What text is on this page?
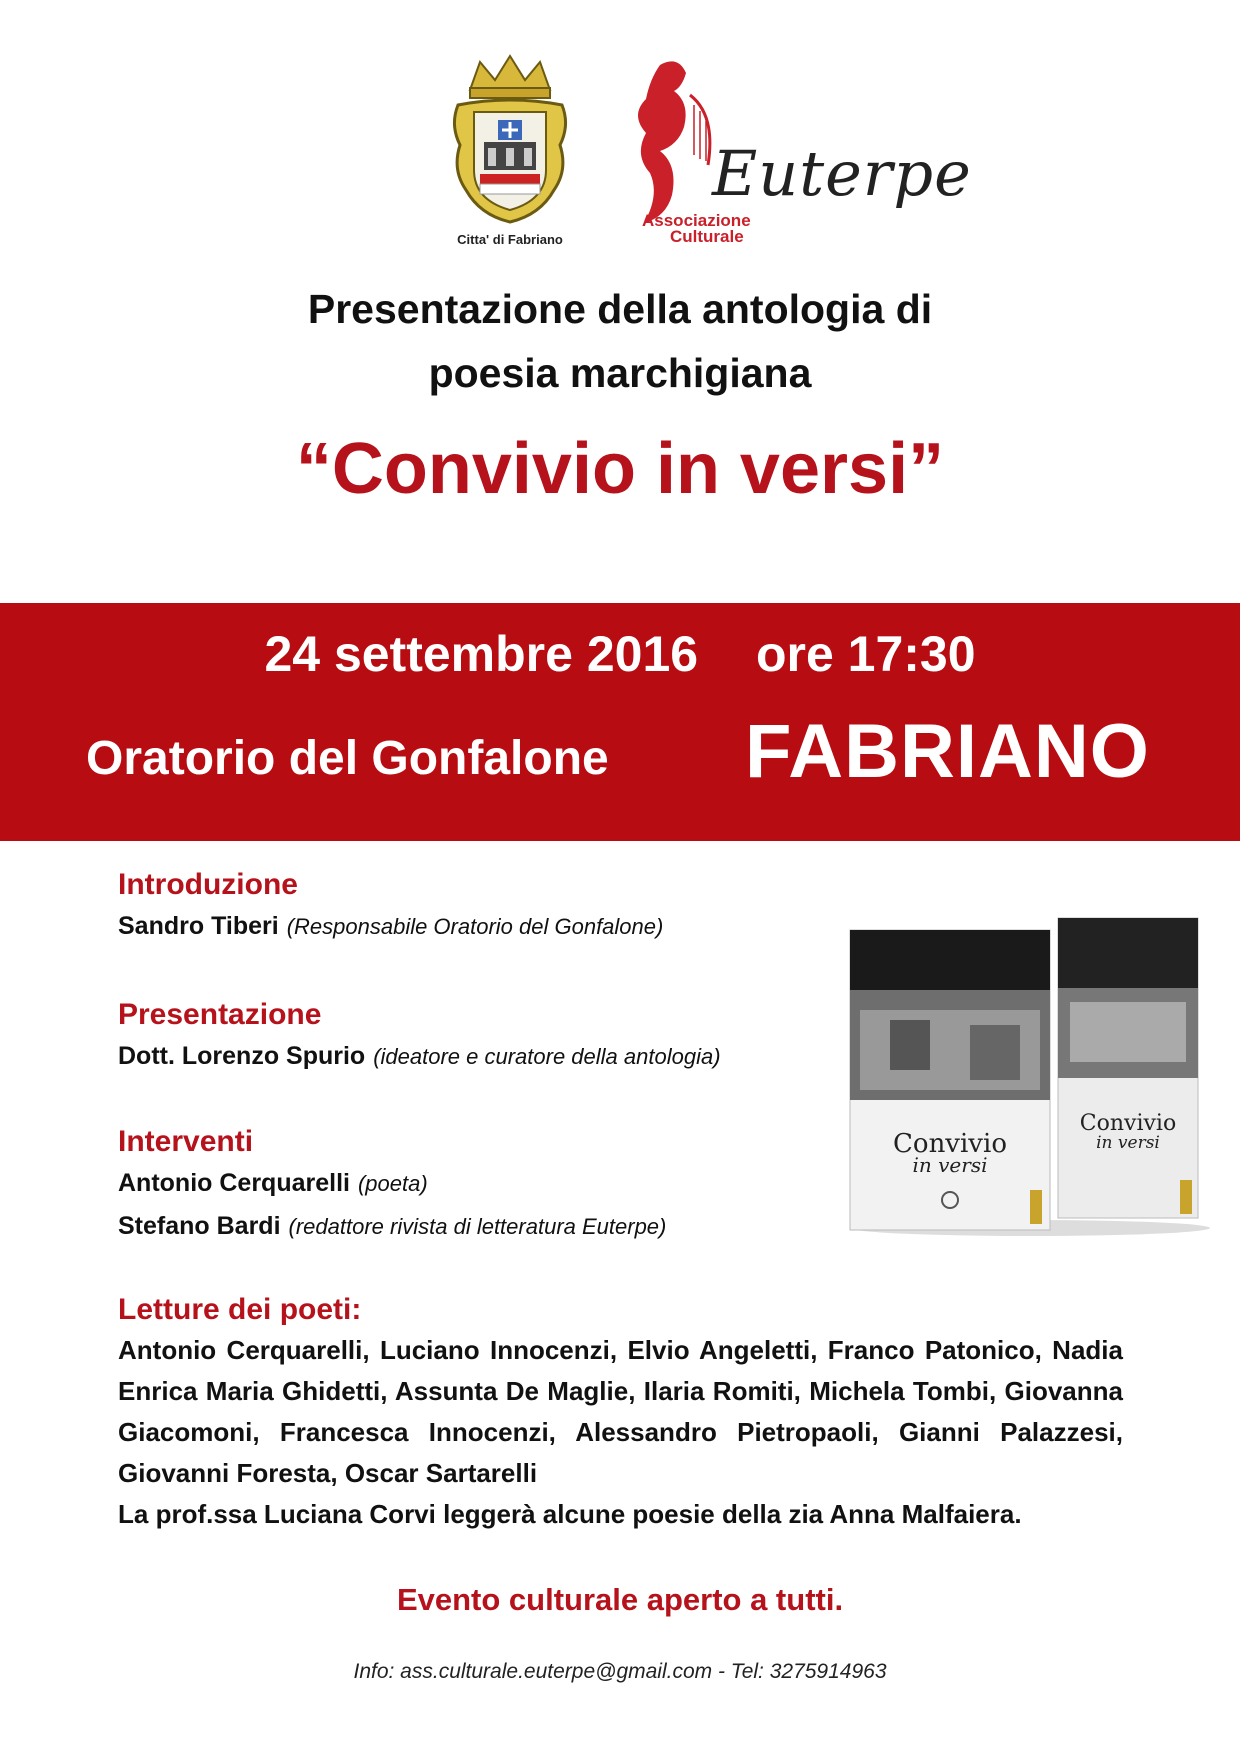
Citta' di Fabriano
Euterpe
Associazione
Culturale
Presentazione della antologia di
poesia marchigiana
“Convivio in versi”
24 settembre 2016 ore 17:30
Oratorio del Gonfalone FABRIANO
Introduzione
Sandro Tiberi (Responsabile Oratorio del Gonfalone)
Presentazione
Dott. Lorenzo Spurio (ideatore e curatore della antologia)
Interventi
Antonio Cerquarelli (poeta)
Stefano Bardi (redattore rivista di letteratura Euterpe)
Convivio
in versi
Convivio
in versi
Letture dei poeti:
Antonio Cerquarelli, Luciano Innocenzi, Elvio Angeletti, Franco Patonico, Nadia Enrica Maria Ghidetti, Assunta De Maglie, Ilaria Romiti, Michela Tombi, Giovanna Giacomoni, Francesca Innocenzi, Alessandro Pietropaoli, Gianni Palazzesi, Giovanni Foresta, Oscar Sartarelli
La prof.ssa Luciana Corvi leggerà alcune poesie della zia Anna Malfaiera.
Evento culturale aperto a tutti.
Info: ass.culturale.euterpe@gmail.com - Tel: 3275914963
